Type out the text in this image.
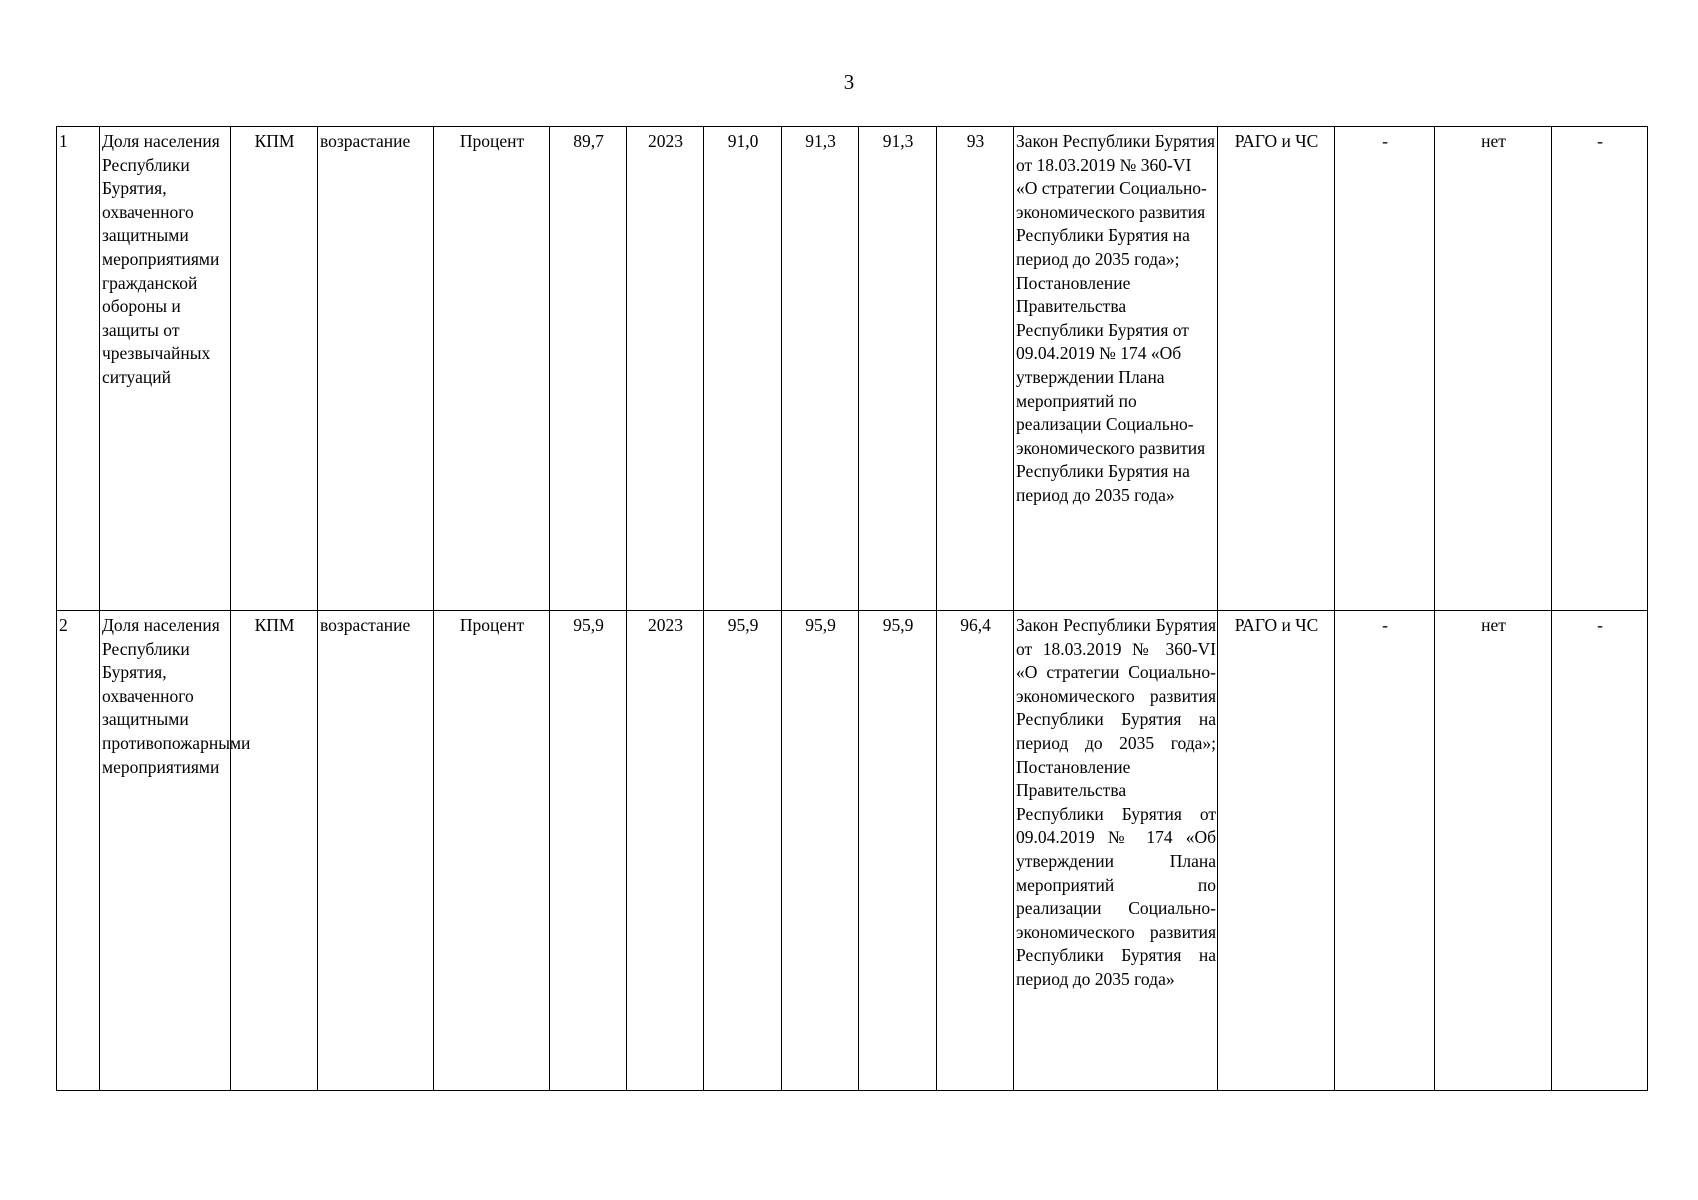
3
1	Доля населения Республики Бурятия, охваченного защитными мероприятиями гражданской обороны и защиты от чрезвычайных ситуаций	КПМ	возрастание	Процент	89,7	2023	91,0	91,3	91,3	93	Закон Республики Бурятия от 18.03.2019 № 360-VI «О стратегии Социально-экономического развития Республики Бурятия на период до 2035 года»; Постановление Правительства Республики Бурятия от 09.04.2019 № 174 «Об утверждении Плана мероприятий по реализации Социально-экономического развития Республики Бурятия на период до 2035 года»	РАГО и ЧС	-	нет	-
2	Доля населения Республики Бурятия, охваченного защитными противопожарными мероприятиями	КПМ	возрастание	Процент	95,9	2023	95,9	95,9	95,9	96,4	Закон Республики Бурятия от 18.03.2019 № 360-VI «О стратегии Социально-экономического развития Республики Бурятия на период до 2035 года»; Постановление Правительства Республики Бурятия от 09.04.2019 № 174 «Об утверждении Плана мероприятий по реализации Социально-экономического развития Республики Бурятия на период до 2035 года»	РАГО и ЧС	-	нет	-
